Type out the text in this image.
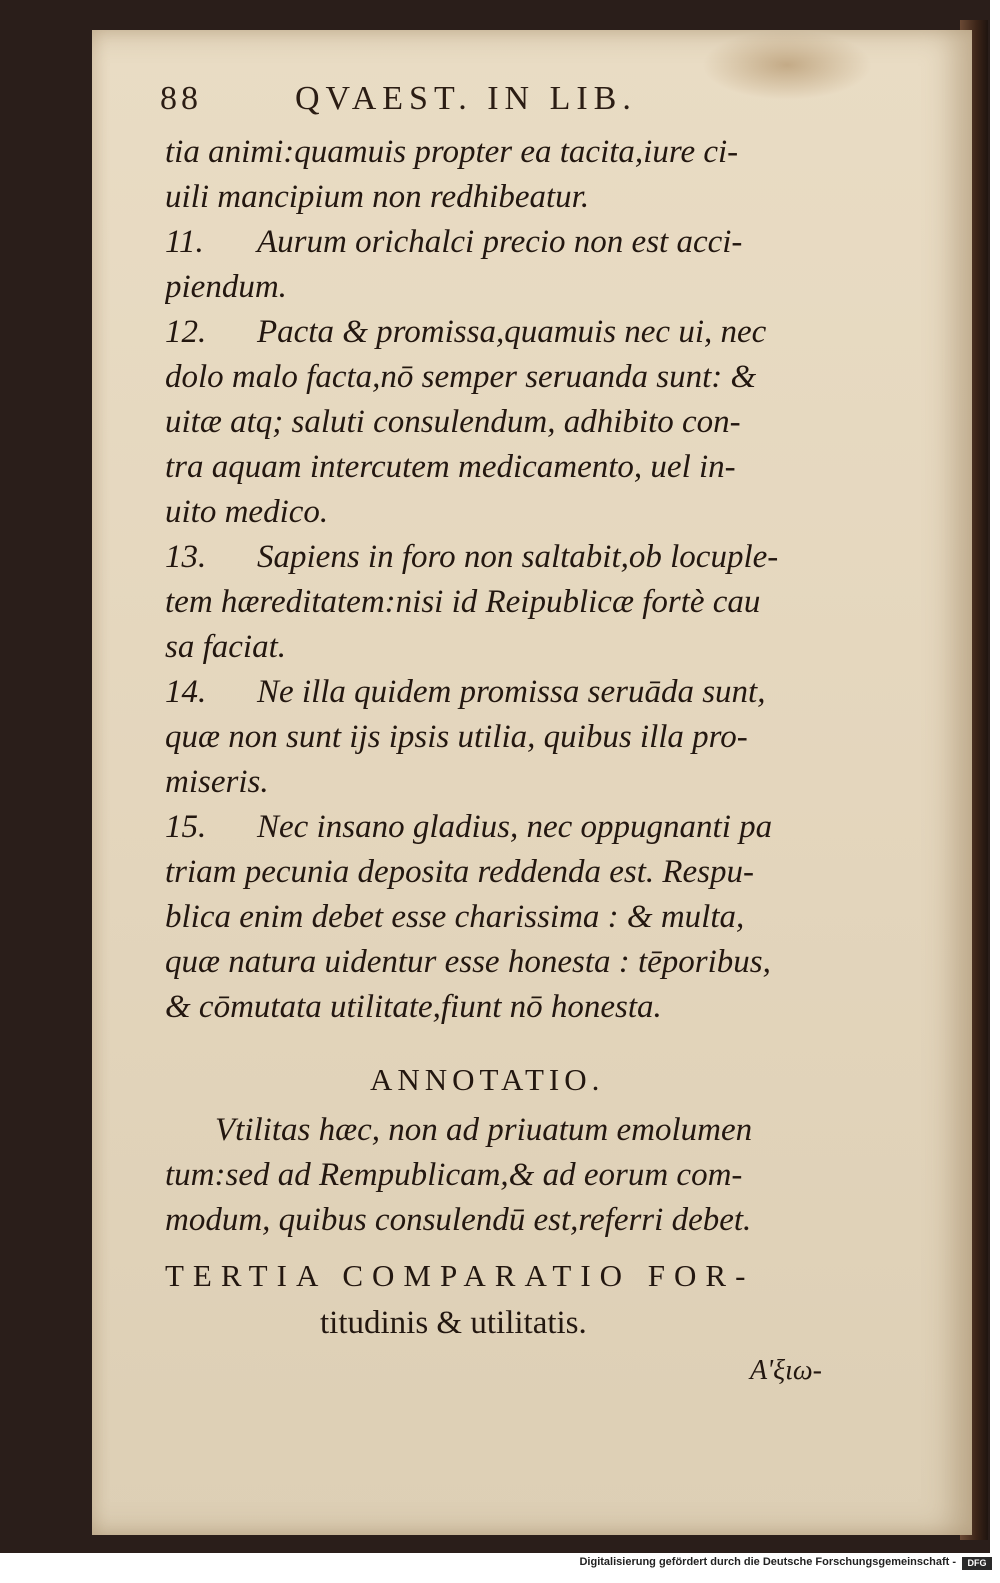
88	QVAEST. IN LIB.
tia animi:quamuis propter ea tacita,iure ci-
uili mancipium non redhibeatur.
11. Aurum orichalci precio non est acci-
piendum.
12. Pacta & promissa,quamuis nec ui, nec
dolo malo facta,nō semper seruanda sunt: &
uitæ atq; saluti consulendum, adhibito con-
tra aquam intercutem medicamento, uel in-
uito medico.
13. Sapiens in foro non saltabit,ob locuple-
tem hæreditatem:nisi id Reipublicæ fortè cau
sa faciat.
14. Ne illa quidem promissa seruāda sunt,
quæ non sunt ijs ipsis utilia, quibus illa pro-
miseris.
15. Nec insano gladius, nec oppugnanti pa
triam pecunia deposita reddenda est. Respu-
blica enim debet esse charissima : & multa,
quæ natura uidentur esse honesta : tēporibus,
& cōmutata utilitate,fiunt nō honesta.
ANNOTATIO.
Vtilitas hæc, non ad priuatum emolumen
tum:sed ad Rempublicam,& ad eorum com-
modum, quibus consulendū est,referri debet.
TERTIA COMPARATIO FOR-
titudinis & utilitatis.
Α'ξιω-
Digitalisierung gefördert durch die Deutsche Forschungsgemeinschaft -	DFG
